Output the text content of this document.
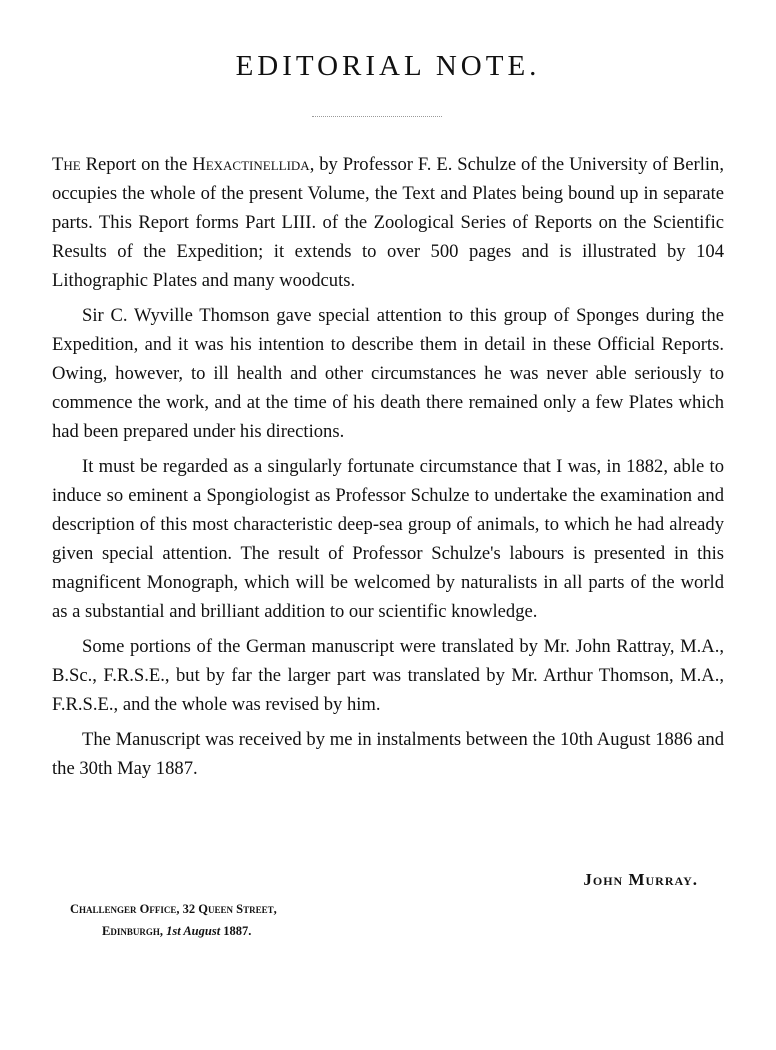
EDITORIAL NOTE.

The Report on the Hexactinellida, by Professor F. E. Schulze of the University of Berlin, occupies the whole of the present Volume, the Text and Plates being bound up in separate parts. This Report forms Part LIII. of the Zoological Series of Reports on the Scientific Results of the Expedition; it extends to over 500 pages and is illustrated by 104 Lithographic Plates and many woodcuts.

Sir C. Wyville Thomson gave special attention to this group of Sponges during the Expedition, and it was his intention to describe them in detail in these Official Reports. Owing, however, to ill health and other circumstances he was never able seriously to commence the work, and at the time of his death there remained only a few Plates which had been prepared under his directions.

It must be regarded as a singularly fortunate circumstance that I was, in 1882, able to induce so eminent a Spongiologist as Professor Schulze to undertake the examination and description of this most characteristic deep-sea group of animals, to which he had already given special attention. The result of Professor Schulze's labours is presented in this magnificent Monograph, which will be welcomed by naturalists in all parts of the world as a substantial and brilliant addition to our scientific knowledge.

Some portions of the German manuscript were translated by Mr. John Rattray, M.A., B.Sc., F.R.S.E., but by far the larger part was translated by Mr. Arthur Thomson, M.A., F.R.S.E., and the whole was revised by him.

The Manuscript was received by me in instalments between the 10th August 1886 and the 30th May 1887.

John Murray.
Challenger Office, 32 Queen Street,
Edinburgh, 1st August 1887.
